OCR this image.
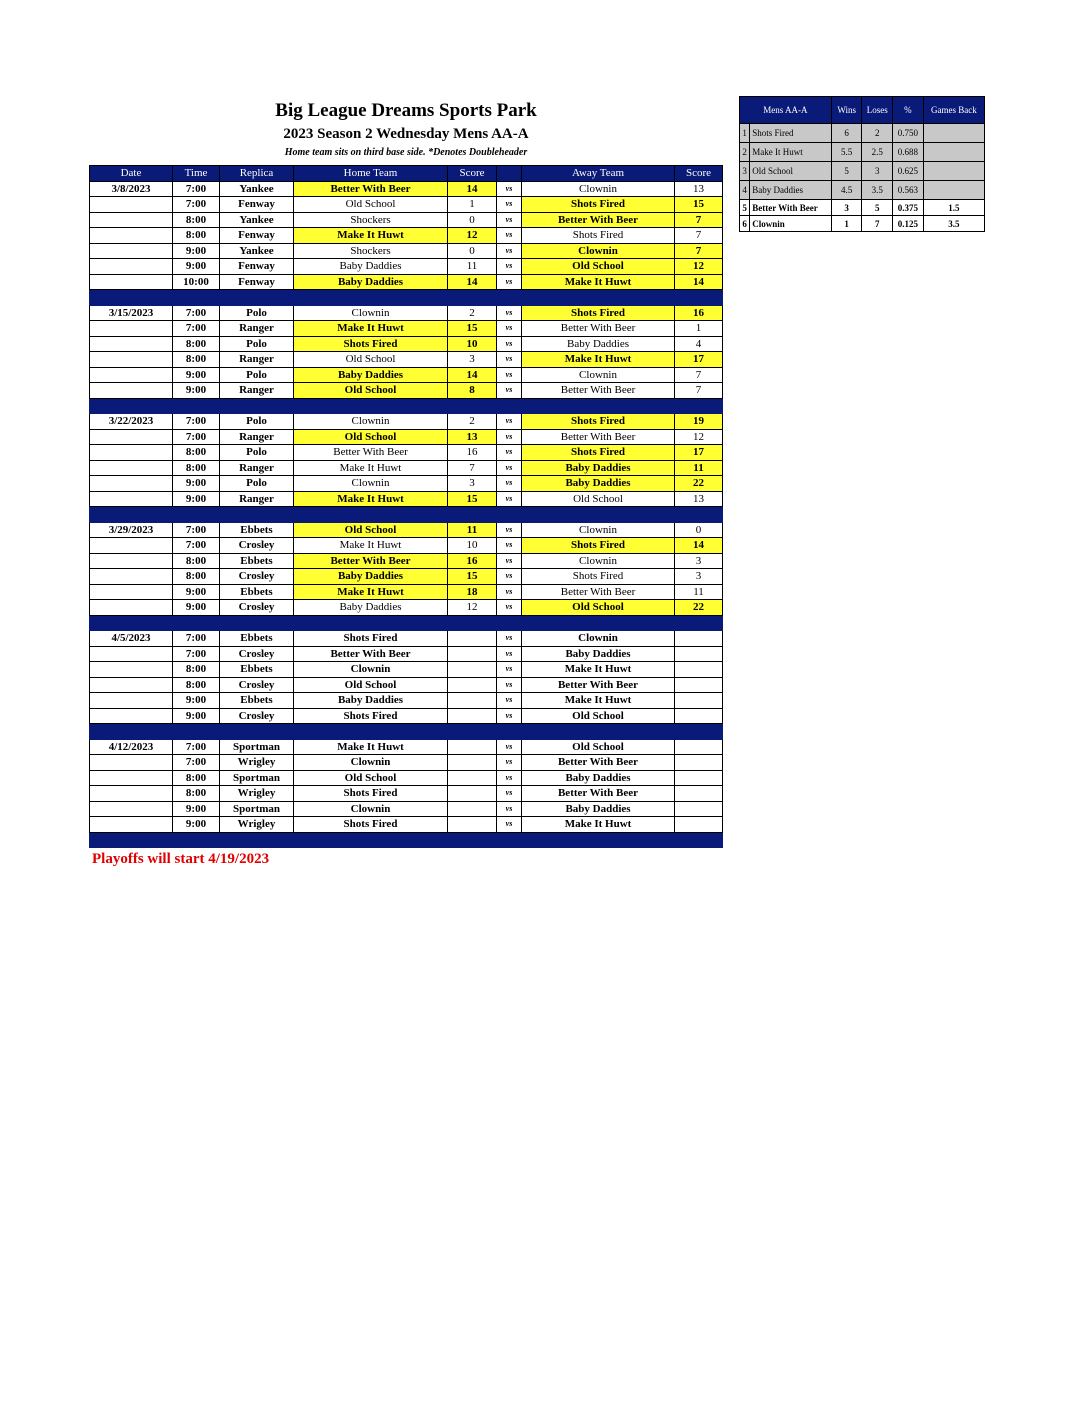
Big League Dreams Sports Park
2023 Season 2 Wednesday Mens AA-A
Home team sits on third base side. *Denotes Doubleheader
Date	Time	Replica	Home Team	Score		Away Team	Score
3/8/2023	7:00	Yankee	Better With Beer	14	vs	Clownin	13
	7:00	Fenway	Old School	1	vs	Shots Fired	15
	8:00	Yankee	Shockers	0	vs	Better With Beer	7
	8:00	Fenway	Make It Huwt	12	vs	Shots Fired	7
	9:00	Yankee	Shockers	0	vs	Clownin	7
	9:00	Fenway	Baby Daddies	11	vs	Old School	12
	10:00	Fenway	Baby Daddies	14	vs	Make It Huwt	14

3/15/2023	7:00	Polo	Clownin	2	vs	Shots Fired	16
	7:00	Ranger	Make It Huwt	15	vs	Better With Beer	1
	8:00	Polo	Shots Fired	10	vs	Baby Daddies	4
	8:00	Ranger	Old School	3	vs	Make It Huwt	17
	9:00	Polo	Baby Daddies	14	vs	Clownin	7
	9:00	Ranger	Old School	8	vs	Better With Beer	7

3/22/2023	7:00	Polo	Clownin	2	vs	Shots Fired	19
	7:00	Ranger	Old School	13	vs	Better With Beer	12
	8:00	Polo	Better With Beer	16	vs	Shots Fired	17
	8:00	Ranger	Make It Huwt	7	vs	Baby Daddies	11
	9:00	Polo	Clownin	3	vs	Baby Daddies	22
	9:00	Ranger	Make It Huwt	15	vs	Old School	13

3/29/2023	7:00	Ebbets	Old School	11	vs	Clownin	0
	7:00	Crosley	Make It Huwt	10	vs	Shots Fired	14
	8:00	Ebbets	Better With Beer	16	vs	Clownin	3
	8:00	Crosley	Baby Daddies	15	vs	Shots Fired	3
	9:00	Ebbets	Make It Huwt	18	vs	Better With Beer	11
	9:00	Crosley	Baby Daddies	12	vs	Old School	22

4/5/2023	7:00	Ebbets	Shots Fired		vs	Clownin	
	7:00	Crosley	Better With Beer		vs	Baby Daddies	
	8:00	Ebbets	Clownin		vs	Make It Huwt	
	8:00	Crosley	Old School		vs	Better With Beer	
	9:00	Ebbets	Baby Daddies		vs	Make It Huwt	
	9:00	Crosley	Shots Fired		vs	Old School	

4/12/2023	7:00	Sportman	Make It Huwt		vs	Old School	
	7:00	Wrigley	Clownin		vs	Better With Beer	
	8:00	Sportman	Old School		vs	Baby Daddies	
	8:00	Wrigley	Shots Fired		vs	Better With Beer	
	9:00	Sportman	Clownin		vs	Baby Daddies	
	9:00	Wrigley	Shots Fired		vs	Make It Huwt	

Mens AA-A		Wins	Loses	%	Games Back
1	Shots Fired	6	2	0.750	
2	Make It Huwt	5.5	2.5	0.688	
3	Old School	5	3	0.625	
4	Baby Daddies	4.5	3.5	0.563	
5	Better With Beer	3	5	0.375	1.5
6	Clownin	1	7	0.125	3.5
Playoffs will start 4/19/2023
